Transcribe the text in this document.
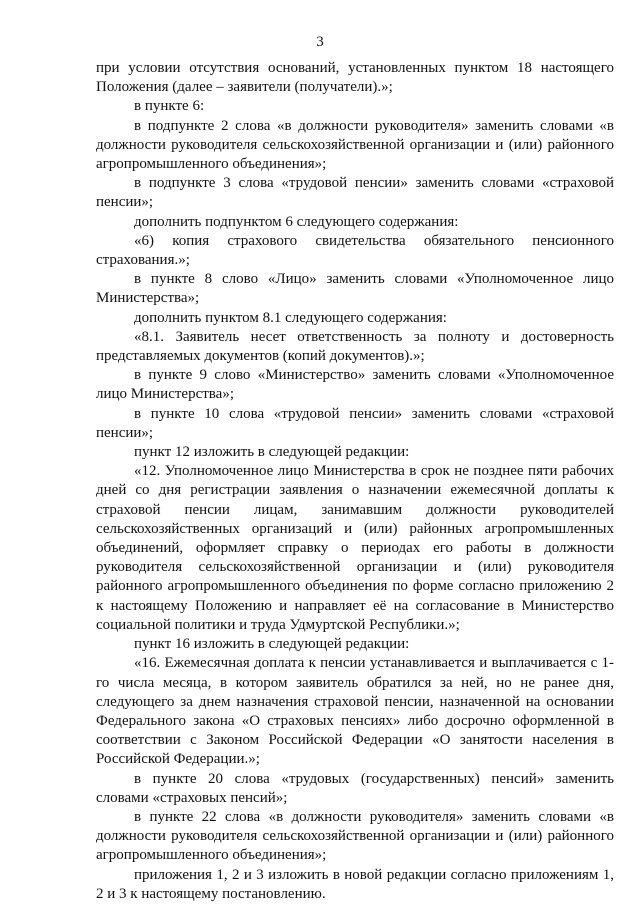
3

при условии отсутствия оснований, установленных пунктом 18 настоящего Положения (далее – заявители (получатели).»;

в пункте 6:

в подпункте 2 слова «в должности руководителя» заменить словами «в должности руководителя сельскохозяйственной организации и (или) районного агропромышленного объединения»;

в подпункте 3 слова «трудовой пенсии» заменить словами «страховой пенсии»;

дополнить подпунктом 6 следующего содержания:

«6) копия страхового свидетельства обязательного пенсионного страхования.»;

в пункте 8 слово «Лицо» заменить словами «Уполномоченное лицо Министерства»;

дополнить пунктом 8.1 следующего содержания:

«8.1. Заявитель несет ответственность за полноту и достоверность представляемых документов (копий документов).»;

в пункте 9 слово «Министерство» заменить словами «Уполномоченное лицо Министерства»;

в пункте 10 слова «трудовой пенсии» заменить словами «страховой пенсии»;

пункт 12 изложить в следующей редакции:

«12. Уполномоченное лицо Министерства в срок не позднее пяти рабочих дней со дня регистрации заявления о назначении ежемесячной доплаты к страховой пенсии лицам, занимавшим должности руководителей сельскохозяйственных организаций и (или) районных агропромышленных объединений, оформляет справку о периодах его работы в должности руководителя сельскохозяйственной организации и (или) руководителя районного агропромышленного объединения по форме согласно приложению 2 к настоящему Положению и направляет её на согласование в Министерство социальной политики и труда Удмуртской Республики.»;

пункт 16 изложить в следующей редакции:

«16. Ежемесячная доплата к пенсии устанавливается и выплачивается с 1-го числа месяца, в котором заявитель обратился за ней, но не ранее дня, следующего за днем назначения страховой пенсии, назначенной на основании Федерального закона «О страховых пенсиях» либо досрочно оформленной в соответствии с Законом Российской Федерации «О занятости населения в Российской Федерации.»;

в пункте 20 слова «трудовых (государственных) пенсий» заменить словами «страховых пенсий»;

в пункте 22 слова «в должности руководителя» заменить словами «в должности руководителя сельскохозяйственной организации и (или) районного агропромышленного объединения»;

приложения 1, 2 и 3 изложить в новой редакции согласно приложениям 1, 2 и 3 к настоящему постановлению.
